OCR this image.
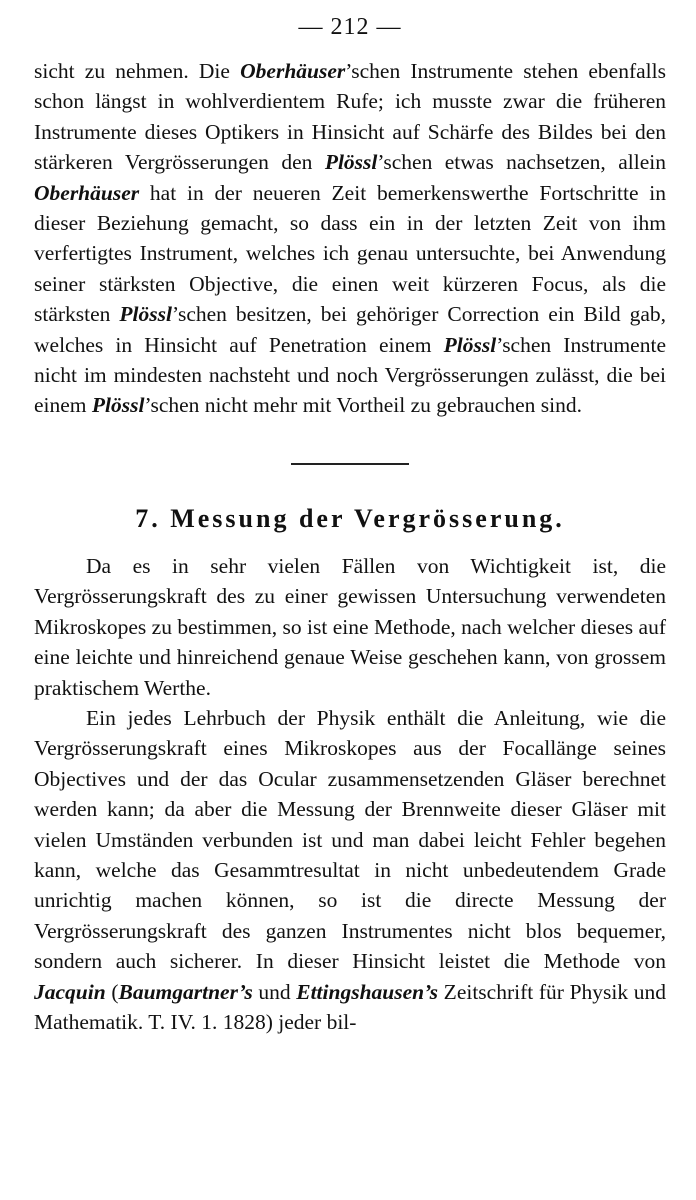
— 212 —

sicht zu nehmen. Die Oberhäuser’schen Instrumente stehen ebenfalls schon längst in wohlverdientem Rufe; ich musste zwar die früheren Instrumente dieses Optikers in Hinsicht auf Schärfe des Bildes bei den stärkeren Vergrösserungen den Plössl’schen etwas nachsetzen, allein Oberhäuser hat in der neueren Zeit bemerkenswerthe Fortschritte in dieser Beziehung gemacht, so dass ein in der letzten Zeit von ihm verfertigtes Instrument, welches ich genau untersuchte, bei Anwendung seiner stärksten Objective, die einen weit kürzeren Focus, als die stärksten Plössl’schen besitzen, bei gehöriger Correction ein Bild gab, welches in Hinsicht auf Penetration einem Plössl’schen Instrumente nicht im mindesten nachsteht und noch Vergrösserungen zulässt, die bei einem Plössl’schen nicht mehr mit Vortheil zu gebrauchen sind.

7. Messung der Vergrösserung.

Da es in sehr vielen Fällen von Wichtigkeit ist, die Vergrösserungskraft des zu einer gewissen Untersuchung verwendeten Mikroskopes zu bestimmen, so ist eine Methode, nach welcher dieses auf eine leichte und hinreichend genaue Weise geschehen kann, von grossem praktischem Werthe.

Ein jedes Lehrbuch der Physik enthält die Anleitung, wie die Vergrösserungskraft eines Mikroskopes aus der Focallänge seines Objectives und der das Ocular zusammensetzenden Gläser berechnet werden kann; da aber die Messung der Brennweite dieser Gläser mit vielen Umständen verbunden ist und man dabei leicht Fehler begehen kann, welche das Gesammtresultat in nicht unbedeutendem Grade unrichtig machen können, so ist die directe Messung der Vergrösserungskraft des ganzen Instrumentes nicht blos bequemer, sondern auch sicherer. In dieser Hinsicht leistet die Methode von Jacquin (Baumgartner’s und Ettingshausen’s Zeitschrift für Physik und Mathematik. T. IV. 1. 1828) jeder bil-
